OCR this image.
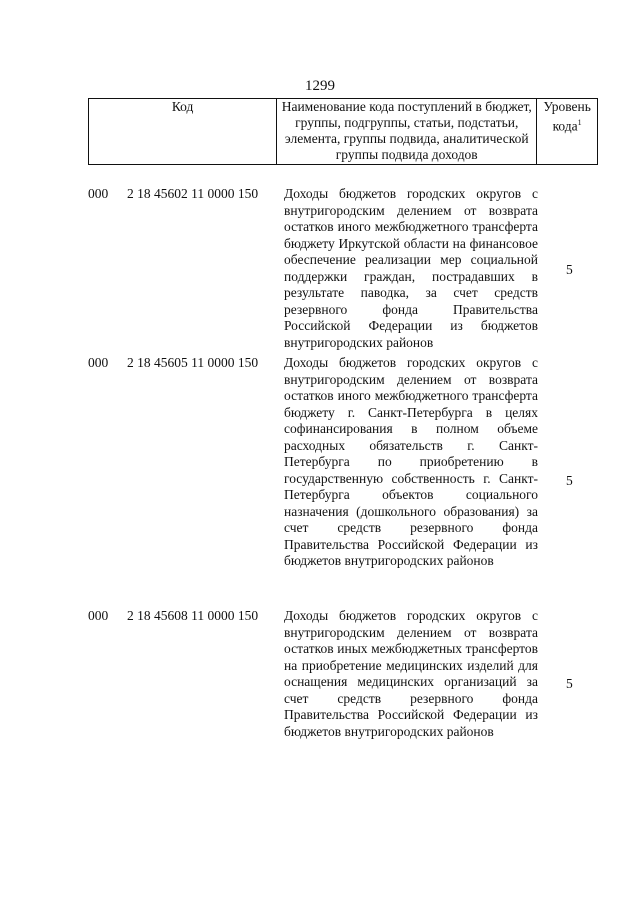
1299
Код	Наименование кода поступлений в бюджет, группы, подгруппы, статьи, подстатьи, элемента, группы подвида, аналитической группы подвида доходов	Уровень кода$^1$
000 2 18 45602 11 0000 150 Доходы бюджетов городских округов с внутригородским делением от возврата остатков иного межбюджетного трансферта бюджету Иркутской области на финансовое обеспечение реализации мер социальной поддержки граждан, пострадавших в результате паводка, за счет средств резервного фонда Правительства Российской Федерации из бюджетов внутригородских районов
5
000 2 18 45605 11 0000 150 Доходы бюджетов городских округов с внутригородским делением от возврата остатков иного межбюджетного трансферта бюджету г. Санкт-Петербурга в целях софинансирования в полном объеме расходных обязательств г. Санкт-Петербурга по приобретению в государственную собственность г. Санкт-Петербурга объектов социального назначения (дошкольного образования) за счет средств резервного фонда Правительства Российской Федерации из бюджетов внутригородских районов
5
000 2 18 45608 11 0000 150 Доходы бюджетов городских округов с внутригородским делением от возврата остатков иных межбюджетных трансфертов на приобретение медицинских изделий для оснащения медицинских организаций за счет средств резервного фонда Правительства Российской Федерации из бюджетов внутригородских районов
5
